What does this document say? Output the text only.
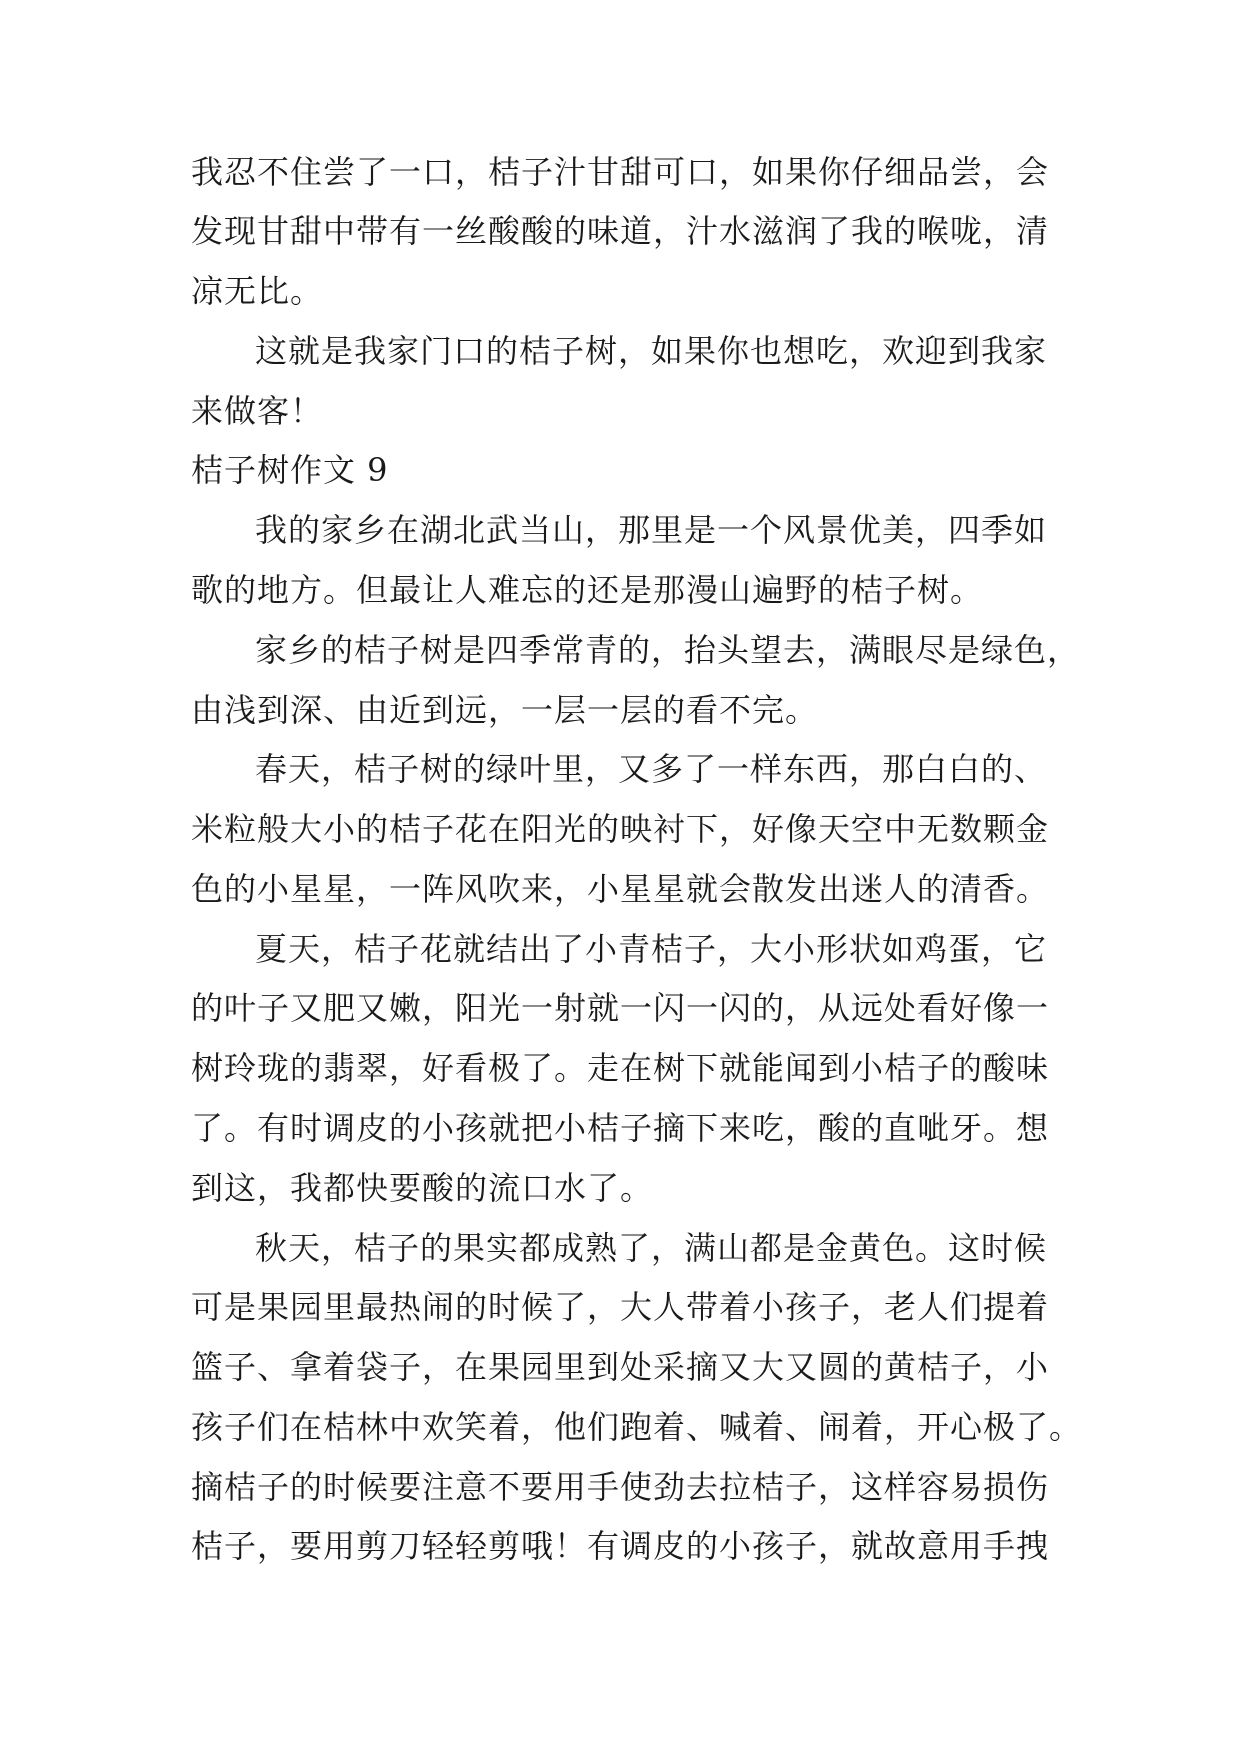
我忍不住尝了一口，桔子汁甘甜可口，如果你仔细品尝，会
发现甘甜中带有一丝酸酸的味道，汁水滋润了我的喉咙，清
凉无比。
这就是我家门口的桔子树，如果你也想吃，欢迎到我家
来做客！
桔子树作文 9
我的家乡在湖北武当山，那里是一个风景优美，四季如
歌的地方。但最让人难忘的还是那漫山遍野的桔子树。
家乡的桔子树是四季常青的，抬头望去，满眼尽是绿色，
由浅到深、由近到远，一层一层的看不完。
春天，桔子树的绿叶里，又多了一样东西，那白白的、
米粒般大小的桔子花在阳光的映衬下，好像天空中无数颗金
色的小星星，一阵风吹来，小星星就会散发出迷人的清香。
夏天，桔子花就结出了小青桔子，大小形状如鸡蛋，它
的叶子又肥又嫩，阳光一射就一闪一闪的，从远处看好像一
树玲珑的翡翠，好看极了。走在树下就能闻到小桔子的酸味
了。有时调皮的小孩就把小桔子摘下来吃，酸的直呲牙。想
到这，我都快要酸的流口水了。
秋天，桔子的果实都成熟了，满山都是金黄色。这时候
可是果园里最热闹的时候了，大人带着小孩子，老人们提着
篮子、拿着袋子，在果园里到处采摘又大又圆的黄桔子，小
孩子们在桔林中欢笑着，他们跑着、喊着、闹着，开心极了。
摘桔子的时候要注意不要用手使劲去拉桔子，这样容易损伤
桔子，要用剪刀轻轻剪哦！有调皮的小孩子，就故意用手拽
